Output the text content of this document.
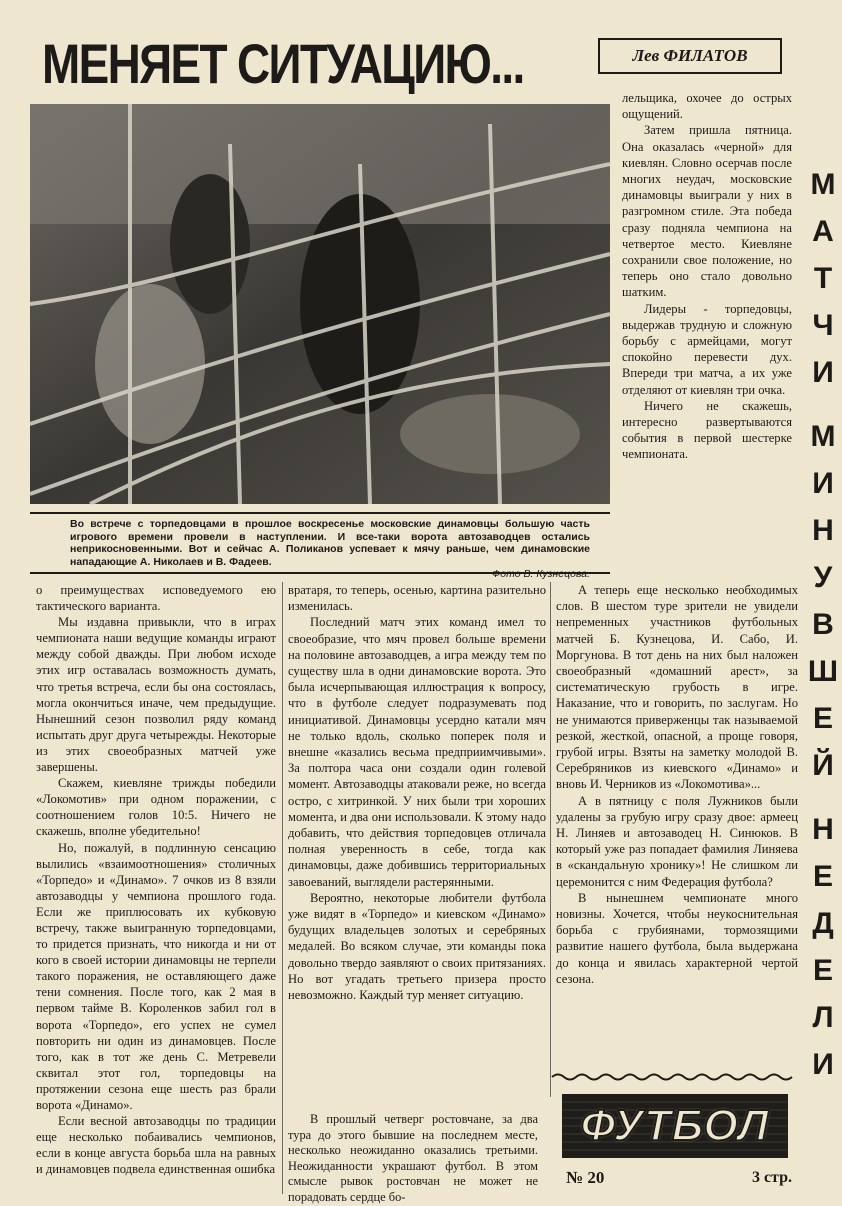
МЕНЯЕТ СИТУАЦИЮ...	Лев ФИЛАТОВ
Во встрече с торпедовцами в прошлое воскресенье московские динамовцы большую часть игрового времени провели в наступлении. И все-таки ворота автозаводцев остались неприкосновенными. Вот и сейчас А. Поликанов успевает к мячу раньше, чем динамовские нападающие А. Николаев и В. Фадеев.
Фото В. Кузнецова.

лельщика, охочее до острых ощущений.

Затем пришла пятница. Она оказалась «черной» для киевлян. Словно осерчав после многих неудач, московские динамовцы выиграли у них в разгромном стиле. Эта победа сразу подняла чемпиона на четвертое место. Киевляне сохранили свое положение, но теперь оно стало довольно шатким.

Лидеры - торпедовцы, выдержав трудную и сложную борьбу с армейцами, могут спокойно перевести дух. Впереди три матча, а их уже отделяют от киевлян три очка.

Ничего не скажешь, интересно развертываются события в первой шестерке чемпионата.

М
А
Т
Ч
И
М
И
Н
У
В
Ш
Е
Й
Н
Е
Д
Е
Л
И

о преимуществах исповедуемого ею тактического варианта.

Мы издавна привыкли, что в играх чемпионата наши ведущие команды играют между собой дважды. При любом исходе этих игр оставалась возможность думать, что третья встреча, если бы она состоялась, могла окончиться иначе, чем предыдущие. Нынешний сезон позволил ряду команд испытать друг друга четырежды. Некоторые из этих своеобразных матчей уже завершены.

Скажем, киевляне трижды победили «Локомотив» при одном поражении, с соотношением голов 10:5. Ничего не скажешь, вполне убедительно!

Но, пожалуй, в подлинную сенсацию вылились «взаимоотношения» столичных «Торпедо» и «Динамо». 7 очков из 8 взяли автозаводцы у чемпиона прошлого года. Если же приплюсовать их кубковую встречу, также выигранную торпедовцами, то придется признать, что никогда и ни от кого в своей истории динамовцы не терпели такого поражения, не оставляющего даже тени сомнения. После того, как 2 мая в первом тайме В. Короленков забил гол в ворота «Торпедо», его успех не сумел повторить ни один из динамовцев. После того, как в тот же день С. Метревели сквитал этот гол, торпедовцы на протяжении сезона еще шесть раз брали ворота «Динамо».

Если весной автозаводцы по традиции еще несколько побаивались чемпионов, если в конце августа борьба шла на равных и динамовцев подвела единственная ошибка

вратаря, то теперь, осенью, картина разительно изменилась.

Последний матч этих команд имел то своеобразие, что мяч провел больше времени на половине автозаводцев, а игра между тем по существу шла в одни динамовские ворота. Это была исчерпывающая иллюстрация к вопросу, что в футболе следует подразумевать под инициативой. Динамовцы усердно катали мяч не только вдоль, сколько поперек поля и внешне «казались весьма предприимчивыми». За полтора часа они создали один голевой момент. Автозаводцы атаковали реже, но всегда остро, с хитринкой. У них были три хороших момента, и два они использовали. К этому надо добавить, что действия торпедовцев отличала полная уверенность в себе, тогда как динамовцы, даже добившись территориальных завоеваний, выглядели растерянными.

Вероятно, некоторые любители футбола уже видят в «Торпедо» и киевском «Динамо» будущих владельцев золотых и серебряных медалей. Во всяком случае, эти команды пока довольно твердо заявляют о своих притязаниях. Но вот угадать третьего призера просто невозможно. Каждый тур меняет ситуацию.

В прошлый четверг ростовчане, за два тура до этого бывшие на последнем месте, несколько неожиданно оказались третьими. Неожиданности украшают футбол. В этом смысле рывок ростовчан не может не порадовать сердце бо-

А теперь еще несколько необходимых слов. В шестом туре зрители не увидели непременных участников футбольных матчей Б. Кузнецова, И. Сабо, И. Моргунова. В тот день на них был наложен своеобразный «домашний арест», за систематическую грубость в игре. Наказание, что и говорить, по заслугам. Но не унимаются приверженцы так называемой резкой, жесткой, опасной, а проще говоря, грубой игры. Взяты на заметку молодой В. Серебряников из киевского «Динамо» и вновь И. Черников из «Локомотива»...

А в пятницу с поля Лужников были удалены за грубую игру сразу двое: армеец Н. Линяев и автозаводец Н. Синюков. В который уже раз попадает фамилия Линяева в «скандальную хронику»! Не слишком ли церемонится с ним Федерация футбола?

В нынешнем чемпионате много новизны. Хочется, чтобы неукоснительная борьба с грубиянами, тормозящими развитие нашего футбола, была выдержана до конца и явилась характерной чертой сезона.

ФУТБОЛ
№ 20	3 стр.
